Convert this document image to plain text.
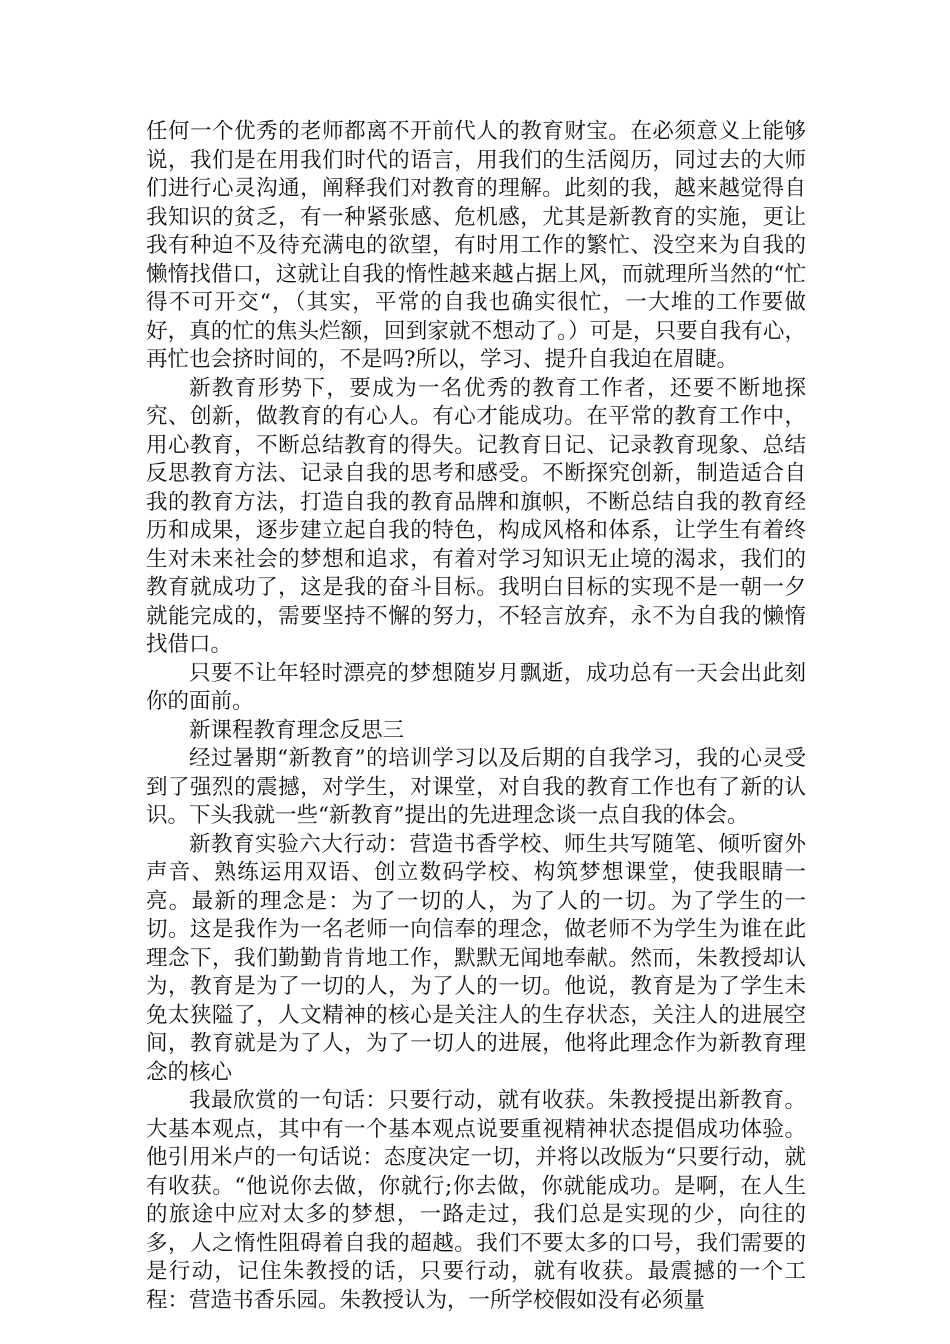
任何一个优秀的老师都离不开前代人的教育财宝。在必须意义上能够说，我们是在用我们时代的语言，用我们的生活阅历，同过去的大师们进行心灵沟通，阐释我们对教育的理解。此刻的我，越来越觉得自我知识的贫乏，有一种紧张感、危机感，尤其是新教育的实施，更让我有种迫不及待充满电的欲望，有时用工作的繁忙、没空来为自我的懒惰找借口，这就让自我的惰性越来越占据上风，而就理所当然的“忙得不可开交“，（其实，平常的自我也确实很忙，一大堆的工作要做好，真的忙的焦头烂额，回到家就不想动了。）可是，只要自我有心，再忙也会挤时间的，不是吗?所以，学习、提升自我迫在眉睫。

新教育形势下，要成为一名优秀的教育工作者，还要不断地探究、创新，做教育的有心人。有心才能成功。在平常的教育工作中，用心教育，不断总结教育的得失。记教育日记、记录教育现象、总结反思教育方法、记录自我的思考和感受。不断探究创新，制造适合自我的教育方法，打造自我的教育品牌和旗帜，不断总结自我的教育经历和成果，逐步建立起自我的特色，构成风格和体系，让学生有着终生对未来社会的梦想和追求，有着对学习知识无止境的渴求，我们的教育就成功了，这是我的奋斗目标。我明白目标的实现不是一朝一夕就能完成的，需要坚持不懈的努力，不轻言放弃，永不为自我的懒惰找借口。

只要不让年轻时漂亮的梦想随岁月飘逝，成功总有一天会出此刻你的面前。

新课程教育理念反思三

经过暑期“新教育”的培训学习以及后期的自我学习，我的心灵受到了强烈的震撼，对学生，对课堂，对自我的教育工作也有了新的认识。下头我就一些“新教育”提出的先进理念谈一点自我的体会。

新教育实验六大行动：营造书香学校、师生共写随笔、倾听窗外声音、熟练运用双语、创立数码学校、构筑梦想课堂，使我眼睛一亮。最新的理念是：为了一切的人，为了人的一切。为了学生的一切。这是我作为一名老师一向信奉的理念，做老师不为学生为谁在此理念下，我们勤勤肯肯地工作，默默无闻地奉献。然而，朱教授却认为，教育是为了一切的人，为了人的一切。他说，教育是为了学生未免太狭隘了，人文精神的核心是关注人的生存状态，关注人的进展空间，教育就是为了人，为了一切人的进展，他将此理念作为新教育理念的核心

我最欣赏的一句话：只要行动，就有收获。朱教授提出新教育。大基本观点，其中有一个基本观点说要重视精神状态提倡成功体验。他引用米卢的一句话说：态度决定一切，并将以改版为“只要行动，就有收获。“他说你去做，你就行;你去做，你就能成功。是啊，在人生的旅途中应对太多的梦想，一路走过，我们总是实现的少，向往的多，人之惰性阻碍着自我的超越。我们不要太多的口号，我们需要的是行动，记住朱教授的话，只要行动，就有收获。最震撼的一个工程：营造书香乐园。朱教授认为，一所学校假如没有必须量
